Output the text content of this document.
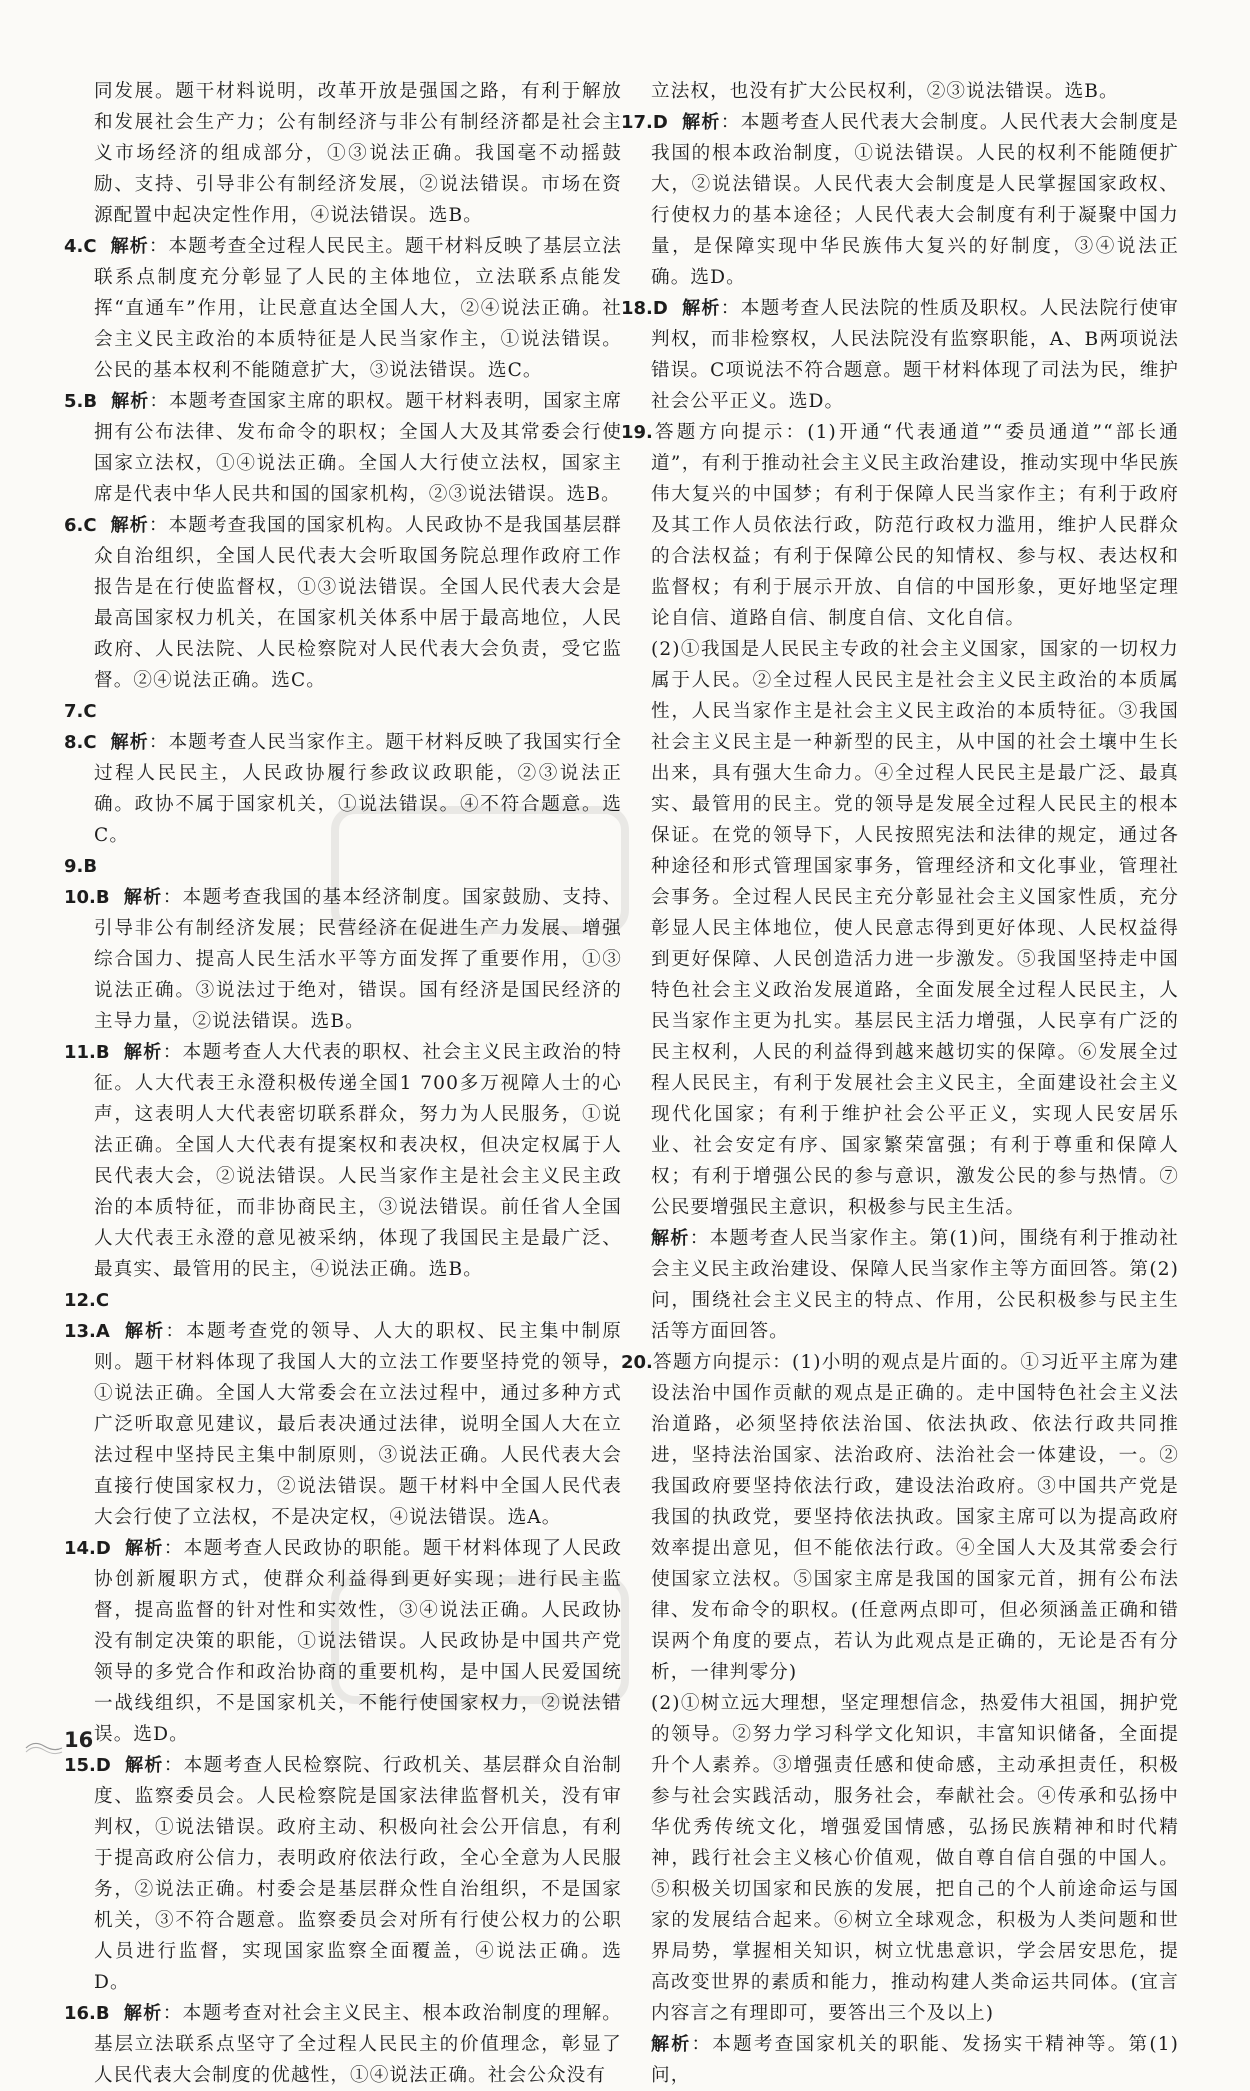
同发展。题干材料说明，改革开放是强国之路，有利于解放和发展社会生产力；公有制经济与非公有制经济都是社会主义市场经济的组成部分，①③说法正确。我国毫不动摇鼓励、支持、引导非公有制经济发展，②说法错误。市场在资源配置中起决定性作用，④说法错误。选B。

4.C 解析：本题考查全过程人民民主。题干材料反映了基层立法联系点制度充分彰显了人民的主体地位，立法联系点能发挥“直通车”作用，让民意直达全国人大，②④说法正确。社会主义民主政治的本质特征是人民当家作主，①说法错误。公民的基本权利不能随意扩大，③说法错误。选C。

5.B 解析：本题考查国家主席的职权。题干材料表明，国家主席拥有公布法律、发布命令的职权；全国人大及其常委会行使国家立法权，①④说法正确。全国人大行使立法权，国家主席是代表中华人民共和国的国家机构，②③说法错误。选B。

6.C 解析：本题考查我国的国家机构。人民政协不是我国基层群众自治组织，全国人民代表大会听取国务院总理作政府工作报告是在行使监督权，①③说法错误。全国人民代表大会是最高国家权力机关，在国家机关体系中居于最高地位，人民政府、人民法院、人民检察院对人民代表大会负责，受它监督。②④说法正确。选C。

7.C

8.C 解析：本题考查人民当家作主。题干材料反映了我国实行全过程人民民主，人民政协履行参政议政职能，②③说法正确。政协不属于国家机关，①说法错误。④不符合题意。选C。

9.B

10.B 解析：本题考查我国的基本经济制度。国家鼓励、支持、引导非公有制经济发展；民营经济在促进生产力发展、增强综合国力、提高人民生活水平等方面发挥了重要作用，①③说法正确。③说法过于绝对，错误。国有经济是国民经济的主导力量，②说法错误。选B。

11.B 解析：本题考查人大代表的职权、社会主义民主政治的特征。人大代表王永澄积极传递全国1 700多万视障人士的心声，这表明人大代表密切联系群众，努力为人民服务，①说法正确。全国人大代表有提案权和表决权，但决定权属于人民代表大会，②说法错误。人民当家作主是社会主义民主政治的本质特征，而非协商民主，③说法错误。前任省人全国人大代表王永澄的意见被采纳，体现了我国民主是最广泛、最真实、最管用的民主，④说法正确。选B。

12.C

13.A 解析：本题考查党的领导、人大的职权、民主集中制原则。题干材料体现了我国人大的立法工作要坚持党的领导，①说法正确。全国人大常委会在立法过程中，通过多种方式广泛听取意见建议，最后表决通过法律，说明全国人大在立法过程中坚持民主集中制原则，③说法正确。人民代表大会直接行使国家权力，②说法错误。题干材料中全国人民代表大会行使了立法权，不是决定权，④说法错误。选A。

14.D 解析：本题考查人民政协的职能。题干材料体现了人民政协创新履职方式，使群众利益得到更好实现；进行民主监督，提高监督的针对性和实效性，③④说法正确。人民政协没有制定决策的职能，①说法错误。人民政协是中国共产党领导的多党合作和政治协商的重要机构，是中国人民爱国统一战线组织，不是国家机关，不能行使国家权力，②说法错误。选D。

15.D 解析：本题考查人民检察院、行政机关、基层群众自治制度、监察委员会。人民检察院是国家法律监督机关，没有审判权，①说法错误。政府主动、积极向社会公开信息，有利于提高政府公信力，表明政府依法行政，全心全意为人民服务，②说法正确。村委会是基层群众性自治组织，不是国家机关，③不符合题意。监察委员会对所有行使公权力的公职人员进行监督，实现国家监察全面覆盖，④说法正确。选D。

16.B 解析：本题考查对社会主义民主、根本政治制度的理解。基层立法联系点坚守了全过程人民民主的价值理念，彰显了人民代表大会制度的优越性，①④说法正确。社会公众没有

立法权，也没有扩大公民权利，②③说法错误。选B。

17.D 解析：本题考查人民代表大会制度。人民代表大会制度是我国的根本政治制度，①说法错误。人民的权利不能随便扩大，②说法错误。人民代表大会制度是人民掌握国家政权、行使权力的基本途径；人民代表大会制度有利于凝聚中国力量，是保障实现中华民族伟大复兴的好制度，③④说法正确。选D。

18.D 解析：本题考查人民法院的性质及职权。人民法院行使审判权，而非检察权，人民法院没有监察职能，A、B两项说法错误。C项说法不符合题意。题干材料体现了司法为民，维护社会公平正义。选D。

19.答题方向提示：(1)开通“代表通道”“委员通道”“部长通道”，有利于推动社会主义民主政治建设，推动实现中华民族伟大复兴的中国梦；有利于保障人民当家作主；有利于政府及其工作人员依法行政，防范行政权力滥用，维护人民群众的合法权益；有利于保障公民的知情权、参与权、表达权和监督权；有利于展示开放、自信的中国形象，更好地坚定理论自信、道路自信、制度自信、文化自信。

(2)①我国是人民民主专政的社会主义国家，国家的一切权力属于人民。②全过程人民民主是社会主义民主政治的本质属性，人民当家作主是社会主义民主政治的本质特征。③我国社会主义民主是一种新型的民主，从中国的社会土壤中生长出来，具有强大生命力。④全过程人民民主是最广泛、最真实、最管用的民主。党的领导是发展全过程人民民主的根本保证。在党的领导下，人民按照宪法和法律的规定，通过各种途径和形式管理国家事务，管理经济和文化事业，管理社会事务。全过程人民民主充分彰显社会主义国家性质，充分彰显人民主体地位，使人民意志得到更好体现、人民权益得到更好保障、人民创造活力进一步激发。⑤我国坚持走中国特色社会主义政治发展道路，全面发展全过程人民民主，人民当家作主更为扎实。基层民主活力增强，人民享有广泛的民主权利，人民的利益得到越来越切实的保障。⑥发展全过程人民民主，有利于发展社会主义民主，全面建设社会主义现代化国家；有利于维护社会公平正义，实现人民安居乐业、社会安定有序、国家繁荣富强；有利于尊重和保障人权；有利于增强公民的参与意识，激发公民的参与热情。⑦公民要增强民主意识，积极参与民主生活。

解析：本题考查人民当家作主。第(1)问，围绕有利于推动社会主义民主政治建设、保障人民当家作主等方面回答。第(2)问，围绕社会主义民主的特点、作用，公民积极参与民主生活等方面回答。

20.答题方向提示：(1)小明的观点是片面的。①习近平主席为建设法治中国作贡献的观点是正确的。走中国特色社会主义法治道路，必须坚持依法治国、依法执政、依法行政共同推进，坚持法治国家、法治政府、法治社会一体建设，一。②我国政府要坚持依法行政，建设法治政府。③中国共产党是我国的执政党，要坚持依法执政。国家主席可以为提高政府效率提出意见，但不能依法行政。④全国人大及其常委会行使国家立法权。⑤国家主席是我国的国家元首，拥有公布法律、发布命令的职权。(任意两点即可，但必须涵盖正确和错误两个角度的要点，若认为此观点是正确的，无论是否有分析，一律判零分)

(2)①树立远大理想，坚定理想信念，热爱伟大祖国，拥护党的领导。②努力学习科学文化知识，丰富知识储备，全面提升个人素养。③增强责任感和使命感，主动承担责任，积极参与社会实践活动，服务社会，奉献社会。④传承和弘扬中华优秀传统文化，增强爱国情感，弘扬民族精神和时代精神，践行社会主义核心价值观，做自尊自信自强的中国人。⑤积极关切国家和民族的发展，把自己的个人前途命运与国家的发展结合起来。⑥树立全球观念，积极为人类问题和世界局势，掌握相关知识，树立忧患意识，学会居安思危，提高改变世界的素质和能力，推动构建人类命运共同体。(宜言内容言之有理即可，要答出三个及以上)

解析：本题考查国家机关的职能、发扬实干精神等。第(1)问，

16
